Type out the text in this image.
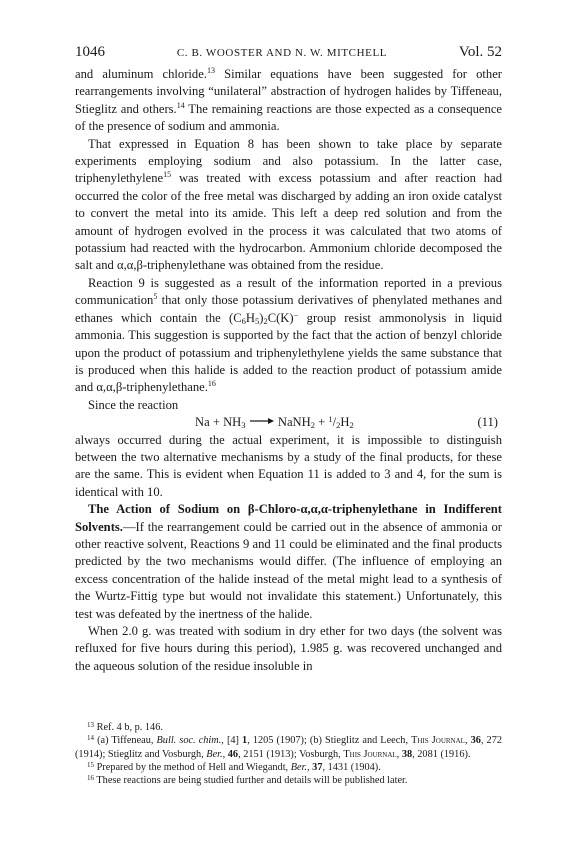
1046	C. B. WOOSTER AND N. W. MITCHELL	Vol. 52

and aluminum chloride.$^{13}$ Similar equations have been suggested for other rearrangements involving “unilateral” abstraction of hydrogen halides by Tiffeneau, Stieglitz and others.$^{14}$ The remaining reactions are those expected as a consequence of the presence of sodium and ammonia.

That expressed in Equation 8 has been shown to take place by separate experiments employing sodium and also potassium. In the latter case, triphenylethylene$^{15}$ was treated with excess potassium and after reaction had occurred the color of the free metal was discharged by adding an iron oxide catalyst to convert the metal into its amide. This left a deep red solution and from the amount of hydrogen evolved in the process it was calculated that two atoms of potassium had reacted with the hydrocarbon. Ammonium chloride decomposed the salt and α,α,β-triphenylethane was obtained from the residue.

Reaction 9 is suggested as a result of the information reported in a previous communication$^5$ that only those potassium derivatives of phenylated methanes and ethanes which contain the $(C_6H_5)_2C(K)^-$ group resist ammonolysis in liquid ammonia. This suggestion is supported by the fact that the action of benzyl chloride upon the product of potassium and triphenylethylene yields the same substance that is produced when this halide is added to the reaction product of potassium amide and α,α,β-triphenylethane.$^{16}$

Since the reaction

$Na + NH_3$ → NaNH$_2$ + $^1/_2H_2$	(11)

always occurred during the actual experiment, it is impossible to distinguish between the two alternative mechanisms by a study of the final products, for these are the same. This is evident when Equation 11 is added to 3 and 4, for the sum is identical with 10.

The Action of Sodium on β-Chloro-α,α,α-triphenylethane in Indifferent Solvents.—If the rearrangement could be carried out in the absence of ammonia or other reactive solvent, Reactions 9 and 11 could be eliminated and the final products predicted by the two mechanisms would differ. (The influence of employing an excess concentration of the halide instead of the metal might lead to a synthesis of the Wurtz-Fittig type but would not invalidate this statement.) Unfortunately, this test was defeated by the inertness of the halide.

When 2.0 g. was treated with sodium in dry ether for two days (the solvent was refluxed for five hours during this period), 1.985 g. was recovered unchanged and the aqueous solution of the residue insoluble in

$^{13}$ Ref. 4 b, p. 146.

$^{14}$ (a) Tiffeneau, Bull. soc. chim., [4] 1, 1205 (1907); (b) Stieglitz and Leech, This Journal, 36, 272 (1914); Stieglitz and Vosburgh, Ber., 46, 2151 (1913); Vosburgh, This Journal, 38, 2081 (1916).

$^{15}$ Prepared by the method of Hell and Wiegandt, Ber., 37, 1431 (1904).

$^{16}$ These reactions are being studied further and details will be published later.
